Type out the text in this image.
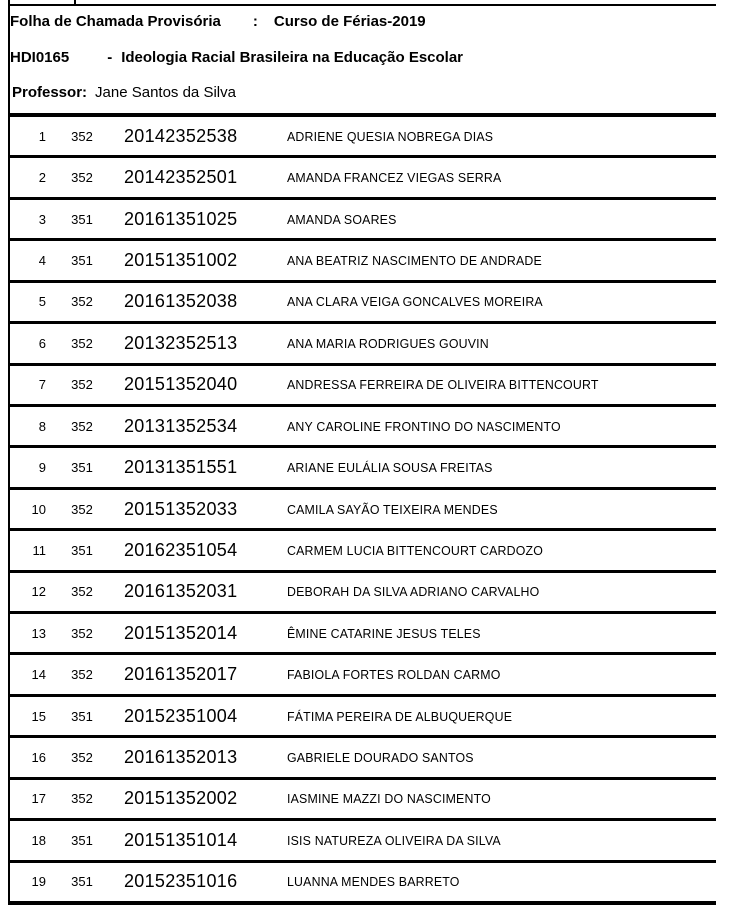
Folha de Chamada Provisória : Curso de Férias-2019
HDI0165	- Ideologia Racial Brasileira na Educação Escolar
Professor: Jane Santos da Silva
1	352	20142352538	ADRIENE QUESIA NOBREGA DIAS
2	352	20142352501	AMANDA FRANCEZ VIEGAS SERRA
3	351	20161351025	AMANDA SOARES
4	351	20151351002	ANA BEATRIZ NASCIMENTO DE ANDRADE
5	352	20161352038	ANA CLARA VEIGA GONCALVES MOREIRA
6	352	20132352513	ANA MARIA RODRIGUES GOUVIN
7	352	20151352040	ANDRESSA FERREIRA DE OLIVEIRA BITTENCOURT
8	352	20131352534	ANY CAROLINE FRONTINO DO NASCIMENTO
9	351	20131351551	ARIANE EULÁLIA SOUSA FREITAS
10	352	20151352033	CAMILA SAYÃO TEIXEIRA MENDES
11	351	20162351054	CARMEM LUCIA BITTENCOURT CARDOZO
12	352	20161352031	DEBORAH DA SILVA ADRIANO CARVALHO
13	352	20151352014	ÊMINE CATARINE JESUS TELES
14	352	20161352017	FABIOLA FORTES ROLDAN CARMO
15	351	20152351004	FÁTIMA PEREIRA DE ALBUQUERQUE
16	352	20161352013	GABRIELE DOURADO SANTOS
17	352	20151352002	IASMINE MAZZI DO NASCIMENTO
18	351	20151351014	ISIS NATUREZA OLIVEIRA DA SILVA
19	351	20152351016	LUANNA MENDES BARRETO
